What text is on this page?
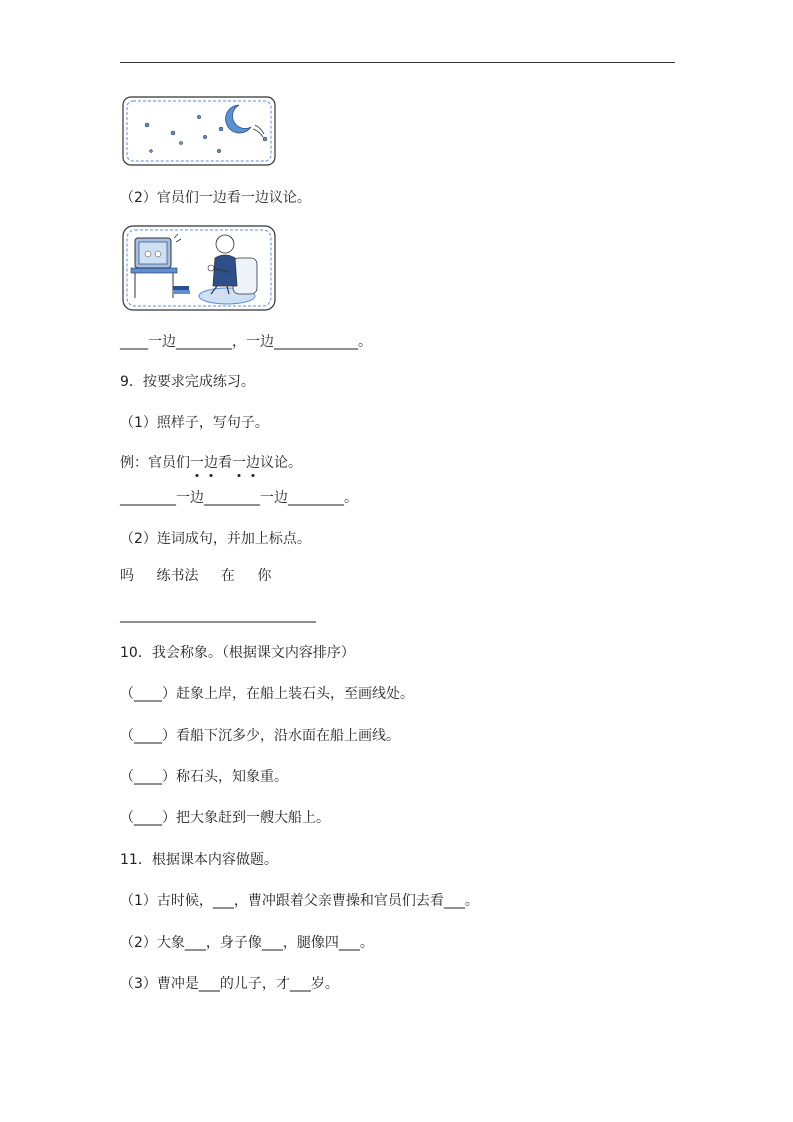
（2）官员们一边看一边议论。
____一边________，一边____________。
9．按要求完成练习。
（1）照样子，写句子。
例：官员们一边看一边议论。
________一边________一边________。
（2）连词成句，并加上标点。
吗 练书法 在 你
____________________________
10．我会称象。（根据课文内容排序）
（____）赶象上岸，在船上装石头，至画线处。
（____）看船下沉多少，沿水面在船上画线。
（____）称石头，知象重。
（____）把大象赶到一艘大船上。
11．根据课本内容做题。
（1）古时候，___，曹冲跟着父亲曹操和官员们去看___。
（2）大象___，身子像___，腿像四___。
（3）曹冲是___的儿子，才___岁。
